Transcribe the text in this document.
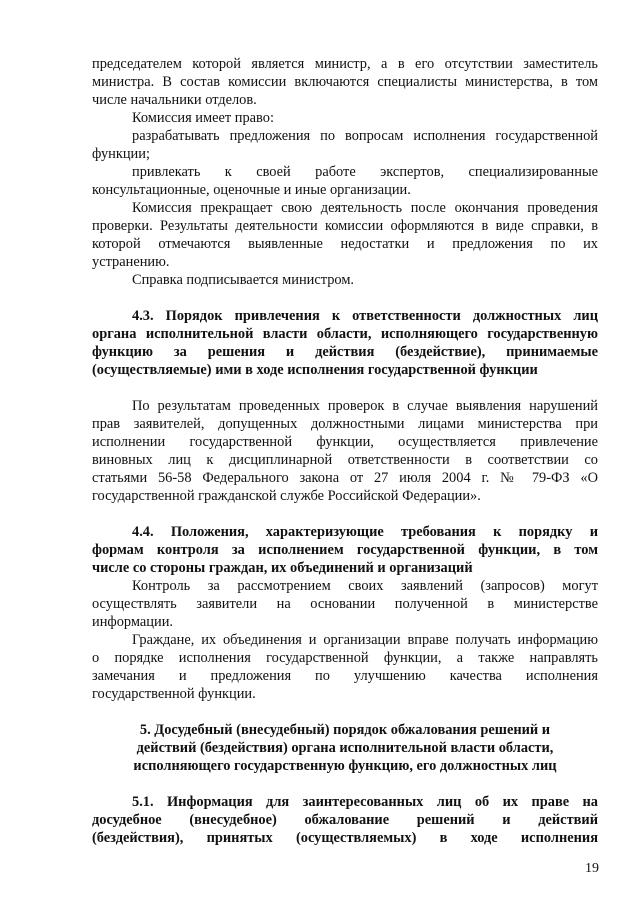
председателем которой является министр, а в его отсутствии заместитель
министра. В состав комиссии включаются специалисты министерства, в том
числе начальники отделов.
Комиссия имеет право:
разрабатывать предложения по вопросам исполнения государственной
функции;
привлекать к своей работе экспертов, специализированные
консультационные, оценочные и иные организации.
Комиссия прекращает свою деятельность после окончания проведения
проверки. Результаты деятельности комиссии оформляются в виде справки, в
которой отмечаются выявленные недостатки и предложения по их
устранению.
Справка подписывается министром.
4.3. Порядок привлечения к ответственности должностных лиц
органа исполнительной власти области, исполняющего государственную
функцию за решения и действия (бездействие), принимаемые
(осуществляемые) ими в ходе исполнения государственной функции
По результатам проведенных проверок в случае выявления нарушений
прав заявителей, допущенных должностными лицами министерства при
исполнении государственной функции, осуществляется привлечение
виновных лиц к дисциплинарной ответственности в соответствии со
статьями 56-58 Федерального закона от 27 июля 2004 г. № 79-ФЗ «О
государственной гражданской службе Российской Федерации».
4.4. Положения, характеризующие требования к порядку и
формам контроля за исполнением государственной функции, в том
числе со стороны граждан, их объединений и организаций
Контроль за рассмотрением своих заявлений (запросов) могут
осуществлять заявители на основании полученной в министерстве
информации.
Граждане, их объединения и организации вправе получать информацию
о порядке исполнения государственной функции, а также направлять
замечания и предложения по улучшению качества исполнения
государственной функции.
5. Досудебный (внесудебный) порядок обжалования решений и
действий (бездействия) органа исполнительной власти области,
исполняющего государственную функцию, его должностных лиц
5.1. Информация для заинтересованных лиц об их праве на
досудебное (внесудебное) обжалование решений и действий
(бездействия), принятых (осуществляемых) в ходе исполнения
19
